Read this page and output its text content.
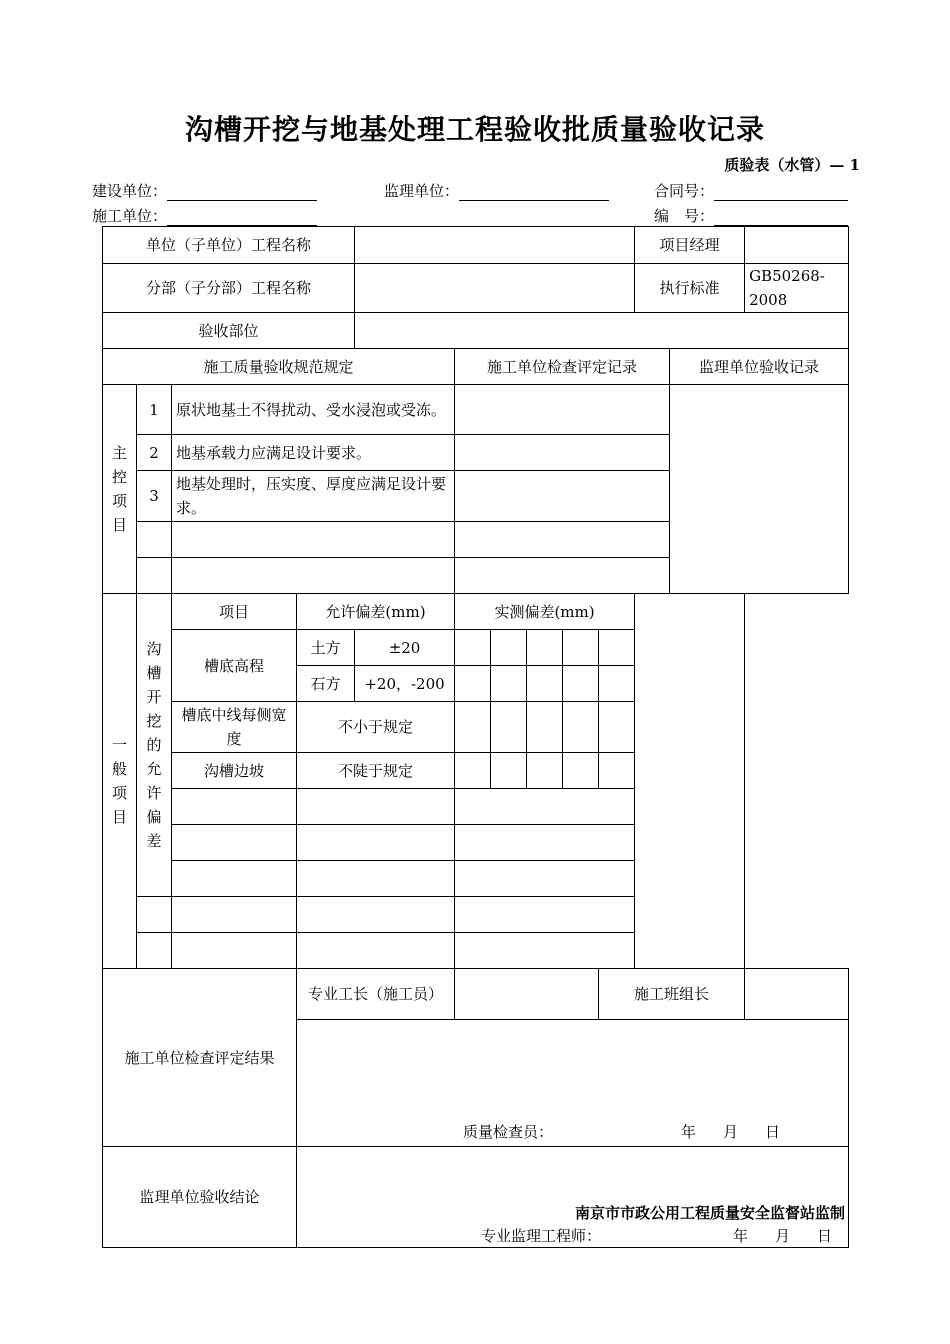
沟槽开挖与地基处理工程验收批质量验收记录
质验表（水管）— 1
建设单位：	监理单位：	合同号：
施工单位：	编　号：
单位（子单位）工程名称										项目经理		
分部（子分部）工程名称										执行标准		GB50268-2008
验收部位												
施工质量验收规范规定					施工单位检查评定记录						监理单位验收记录	
主控项目	1	原状地基土不得扰动、受水浸泡或受冻。										
	2	地基承载力应满足设计要求。										
	3	地基处理时，压实度、厚度应满足设计要求。										

一般项目	沟槽开挖的允许偏差	项目	允许偏差(mm)		实测偏差(mm)							
		槽底高程	土方	±20								
			石方	+20，-200								
		槽底中线每侧宽度	不小于规定									
		沟槽边坡	不陡于规定									

施工单位检查评定结果			专业工长（施工员）						施工班组长			

			质量检查员： 年 月 日									

监理单位验收结论			专业监理工程师： 年 月 日									
南京市市政公用工程质量安全监督站监制
